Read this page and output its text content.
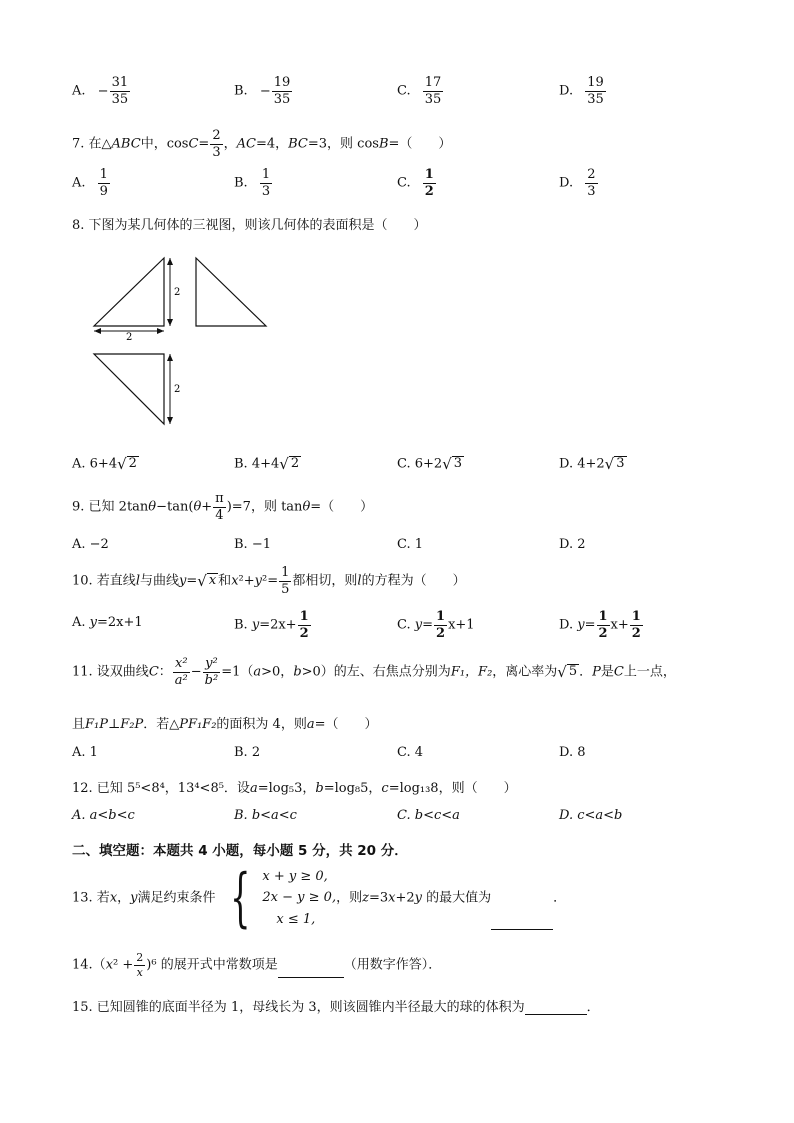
A. − $\frac{31}{35}$	B. − $\frac{19}{35}$	C. $\frac{17}{35}$	D. $\frac{19}{35}$
7. 在△ABC中，$\cos C= \frac{2}{3}$ ，AC=4，BC=3，则 cosB=（　　）
A. $\frac{1}{9}$	B. $\frac{1}{3}$	C. $\frac{1}{2}$	D. $\frac{2}{3}$
8. 下图为某几何体的三视图，则该几何体的表面积是（　　）
2
2
2
A. 6+4 √ 2	B. 4+4 √ 2	C. 6+2 √ 3	D. 4+2 √ 3
9. 已知 $2\tan\theta-\tan(\theta+ \frac{\pi}{4} )=7$，则 tanθ=（　　）
A. −2	B. −1	C. 1	D. 2
10. 若直线l与曲线y= √ x 和$x^2+y^2= \frac{1}{5}$ 都相切，则l的方程为（　　）
A. y=2x+1	B. $y=2x+ \frac{1}{2}$	C. $y= \frac{1}{2} x+1$	D. $y= \frac{1}{2} x+ \frac{1}{2}$
11. 设双曲线C： $\frac{\text{x²}}{\text{a²}} - \frac{\text{y²}}{\text{b²}} =1(a>0$，b>0）的左、右焦点分别为F₁，F₂，离心率为 √ 5 ．P是C上一点，
且F₁P⊥F₂P．若△PF₁F₂的面积为 4，则a=（　　）
A. 1	B. 2	C. 4	D. 8
12. 已知 5⁵<8⁴，13⁴<8⁵．设a=log₅3，b=log₈5，c=log₁₃8，则（　　）
A. a<b<c	B. b<a<c	C. b<c<a	D. c<a<b
二、填空题：本题共 4 小题，每小题 5 分，共 20 分．
13. 若x，y满足约束条件 { x + y ≥ 0,
2x − y ≥ 0,
x ≤ 1,
，则z=3x+2y 的最大值为	．
$14.(x^2 + \frac{2}{x} )^6$ 的展开式中常数项是	（用数字作答）．
15. 已知圆锥的底面半径为 1，母线长为 3，则该圆锥内半径最大的球的体积为	．
